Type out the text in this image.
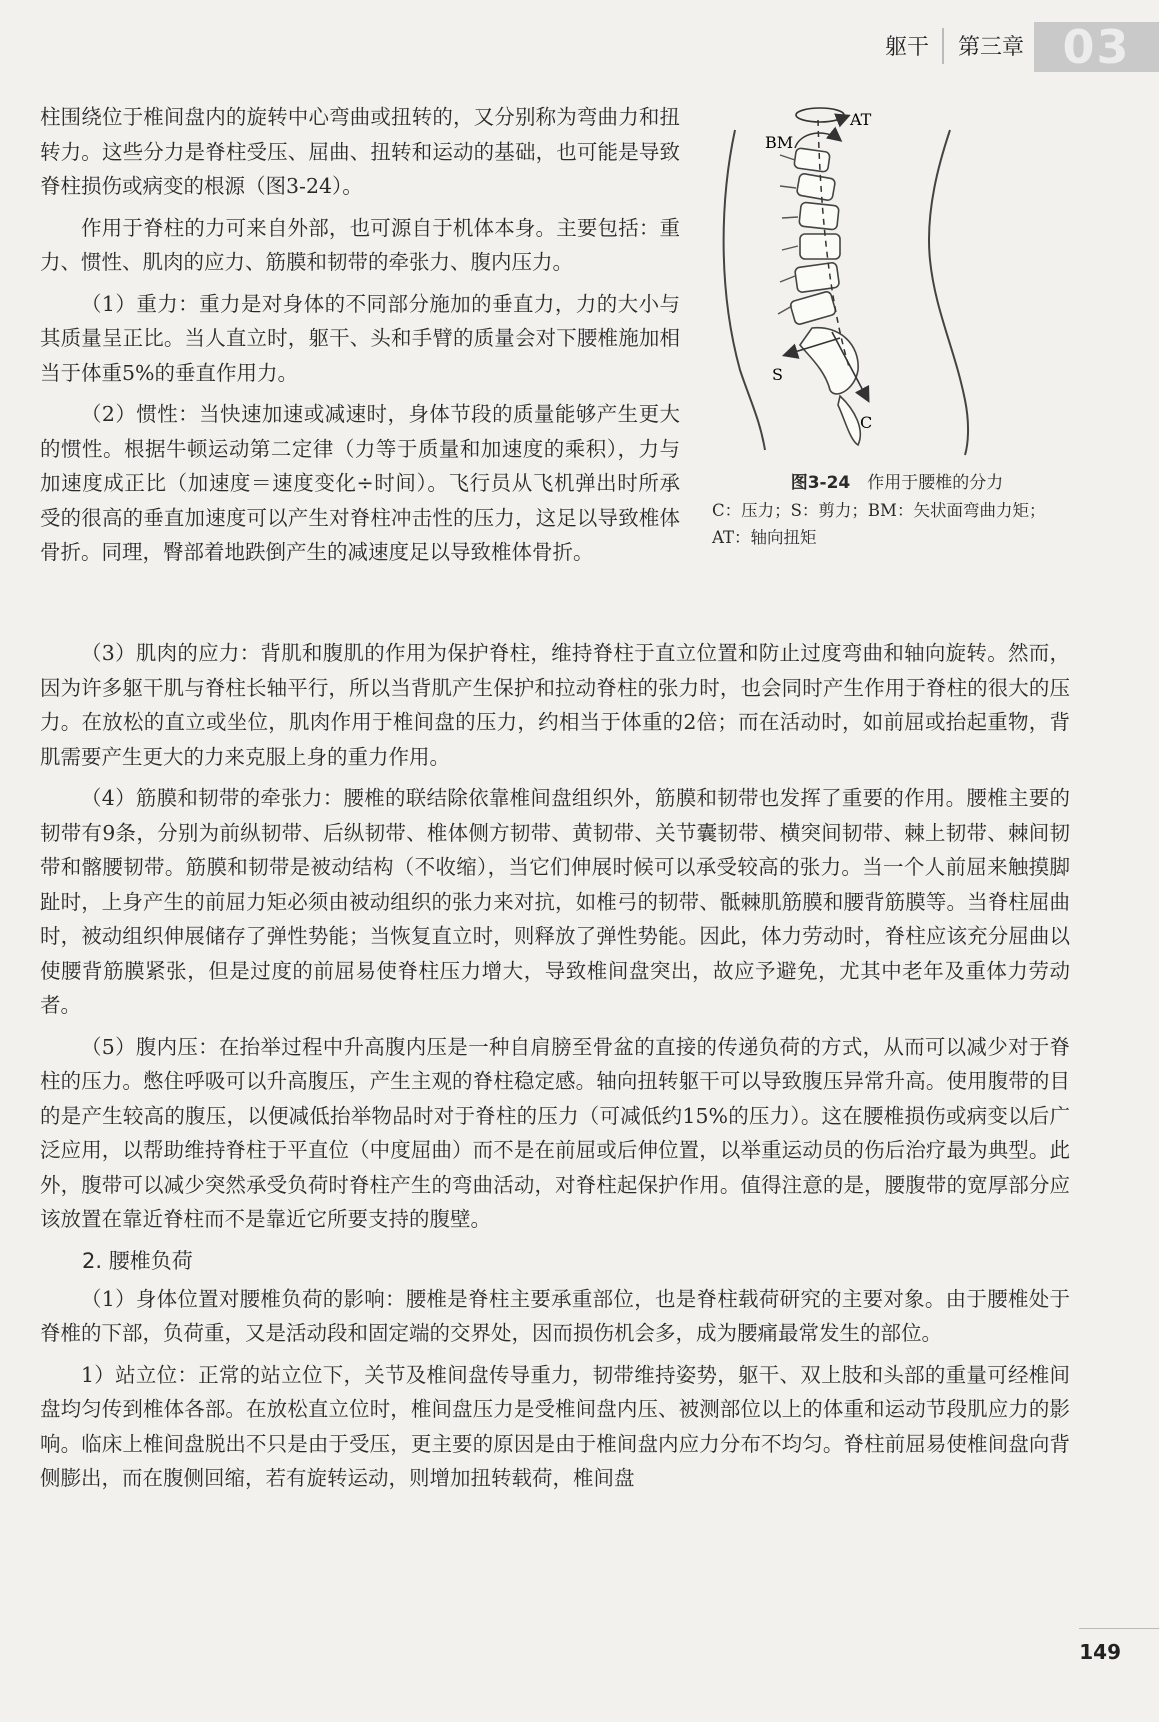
躯干 第三章 03

柱围绕位于椎间盘内的旋转中心弯曲或扭转的，又分别称为弯曲力和扭转力。这些分力是脊柱受压、屈曲、扭转和运动的基础，也可能是导致脊柱损伤或病变的根源（图3-24）。

作用于脊柱的力可来自外部，也可源自于机体本身。主要包括：重力、惯性、肌肉的应力、筋膜和韧带的牵张力、腹内压力。

（1）重力：重力是对身体的不同部分施加的垂直力，力的大小与其质量呈正比。当人直立时，躯干、头和手臂的质量会对下腰椎施加相当于体重5%的垂直作用力。

（2）惯性：当快速加速或减速时，身体节段的质量能够产生更大的惯性。根据牛顿运动第二定律（力等于质量和加速度的乘积），力与加速度成正比（加速度＝速度变化÷时间）。飞行员从飞机弹出时所承受的很高的垂直加速度可以产生对脊柱冲击性的压力，这足以导致椎体骨折。同理，臀部着地跌倒产生的减速度足以导致椎体骨折。

AT
BM
S
C
图3-24　 作用于腰椎的分力
C：压力；S：剪力；BM：矢状面弯曲力矩；AT：轴向扭矩

（3）肌肉的应力：背肌和腹肌的作用为保护脊柱，维持脊柱于直立位置和防止过度弯曲和轴向旋转。然而，因为许多躯干肌与脊柱长轴平行，所以当背肌产生保护和拉动脊柱的张力时，也会同时产生作用于脊柱的很大的压力。在放松的直立或坐位，肌肉作用于椎间盘的压力，约相当于体重的2倍；而在活动时，如前屈或抬起重物，背肌需要产生更大的力来克服上身的重力作用。

（4）筋膜和韧带的牵张力：腰椎的联结除依靠椎间盘组织外，筋膜和韧带也发挥了重要的作用。腰椎主要的韧带有9条，分别为前纵韧带、后纵韧带、椎体侧方韧带、黄韧带、关节囊韧带、横突间韧带、棘上韧带、棘间韧带和髂腰韧带。筋膜和韧带是被动结构（不收缩），当它们伸展时候可以承受较高的张力。当一个人前屈来触摸脚趾时，上身产生的前屈力矩必须由被动组织的张力来对抗，如椎弓的韧带、骶棘肌筋膜和腰背筋膜等。当脊柱屈曲时，被动组织伸展储存了弹性势能；当恢复直立时，则释放了弹性势能。因此，体力劳动时，脊柱应该充分屈曲以使腰背筋膜紧张，但是过度的前屈易使脊柱压力增大，导致椎间盘突出，故应予避免，尤其中老年及重体力劳动者。

（5）腹内压：在抬举过程中升高腹内压是一种自肩膀至骨盆的直接的传递负荷的方式，从而可以减少对于脊柱的压力。憋住呼吸可以升高腹压，产生主观的脊柱稳定感。轴向扭转躯干可以导致腹压异常升高。使用腹带的目的是产生较高的腹压，以便减低抬举物品时对于脊柱的压力（可减低约15%的压力）。这在腰椎损伤或病变以后广泛应用，以帮助维持脊柱于平直位（中度屈曲）而不是在前屈或后伸位置，以举重运动员的伤后治疗最为典型。此外，腹带可以减少突然承受负荷时脊柱产生的弯曲活动，对脊柱起保护作用。值得注意的是，腰腹带的宽厚部分应该放置在靠近脊柱而不是靠近它所要支持的腹壁。

2. 腰椎负荷

（1）身体位置对腰椎负荷的影响：腰椎是脊柱主要承重部位，也是脊柱载荷研究的主要对象。由于腰椎处于脊椎的下部，负荷重，又是活动段和固定端的交界处，因而损伤机会多，成为腰痛最常发生的部位。

1）站立位：正常的站立位下，关节及椎间盘传导重力，韧带维持姿势，躯干、双上肢和头部的重量可经椎间盘均匀传到椎体各部。在放松直立位时，椎间盘压力是受椎间盘内压、被测部位以上的体重和运动节段肌应力的影响。临床上椎间盘脱出不只是由于受压，更主要的原因是由于椎间盘内应力分布不均匀。脊柱前屈易使椎间盘向背侧膨出，而在腹侧回缩，若有旋转运动，则增加扭转载荷，椎间盘

149
